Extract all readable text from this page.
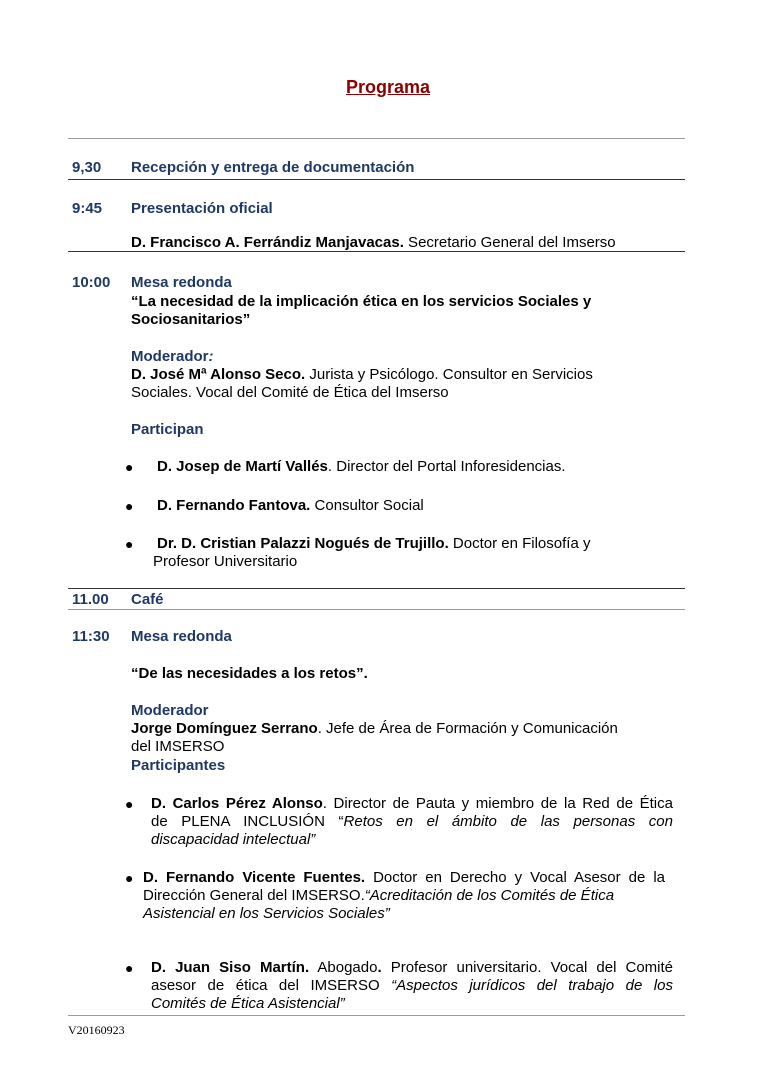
Programa
9,30 Recepción y entrega de documentación
9:45 Presentación oficial
D. Francisco A. Ferrándiz Manjavacas. Secretario General del Imserso
10:00 Mesa redonda
“La necesidad de la implicación ética en los servicios Sociales y
Sociosanitarios”
Moderador:
D. José Mª Alonso Seco. Jurista y Psicólogo. Consultor en Servicios
Sociales. Vocal del Comité de Ética del Imserso
Participan
● D. Josep de Martí Vallés. Director del Portal Inforesidencias.
● D. Fernando Fantova. Consultor Social
● Dr. D. Cristian Palazzi Nogués de Trujillo. Doctor en Filosofía y
Profesor Universitario
11.00 Café
11:30 Mesa redonda
“De las necesidades a los retos”.
Moderador
Jorge Domínguez Serrano. Jefe de Área de Formación y Comunicación
del IMSERSO
Participantes
● D. Carlos Pérez Alonso. Director de Pauta y miembro de la Red de Ética
de PLENA INCLUSIÓN “Retos en el ámbito de las personas con
discapacidad intelectual”
● D. Fernando Vicente Fuentes. Doctor en Derecho y Vocal Asesor de la
Dirección General del IMSERSO.“Acreditación de los Comités de Ética
Asistencial en los Servicios Sociales”
● D. Juan Siso Martín. Abogado. Profesor universitario. Vocal del Comité
asesor de ética del IMSERSO “Aspectos jurídicos del trabajo de los
Comités de Ética Asistencial”
V20160923
